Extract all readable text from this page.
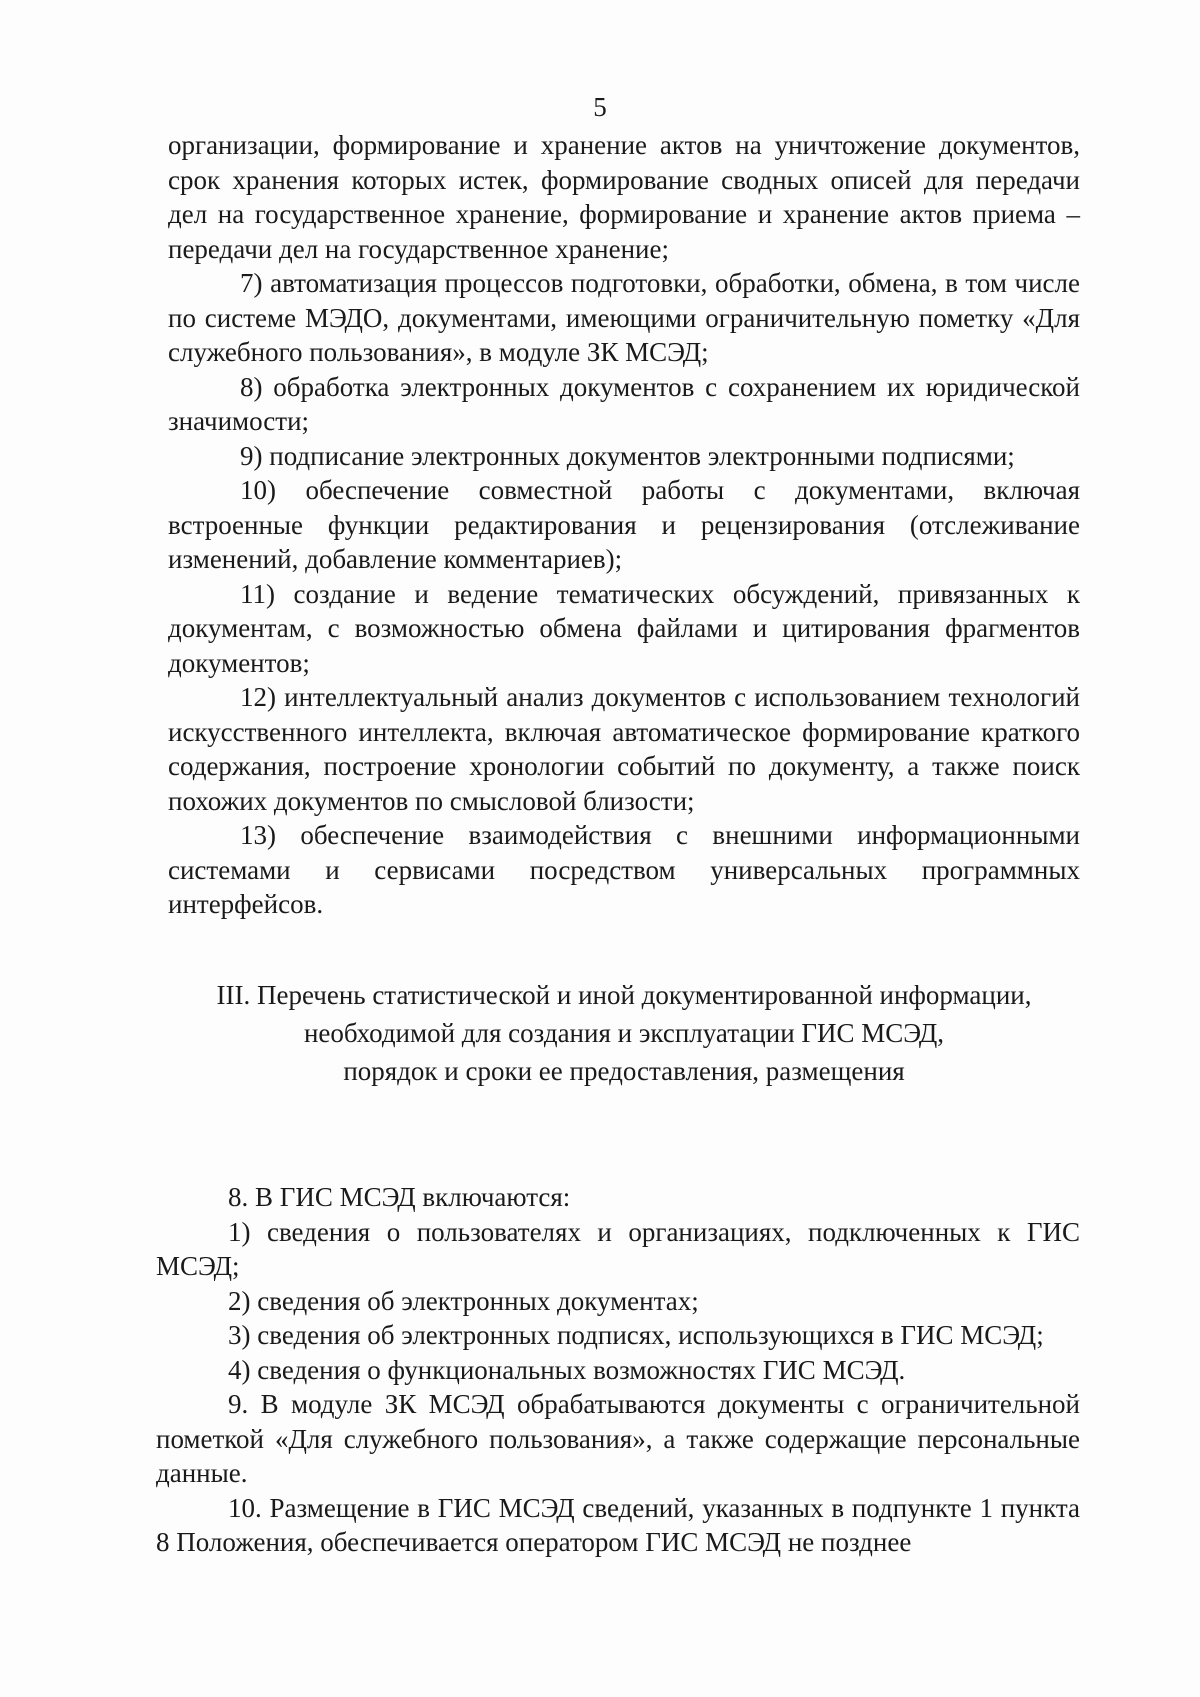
5

организации, формирование и хранение актов на уничтожение документов, срок хранения которых истек, формирование сводных описей для передачи дел на государственное хранение, формирование и хранение актов приема – передачи дел на государственное хранение;

7) автоматизация процессов подготовки, обработки, обмена, в том числе по системе МЭДО, документами, имеющими ограничительную пометку «Для служебного пользования», в модуле ЗК МСЭД;

8) обработка электронных документов с сохранением их юридической значимости;

9) подписание электронных документов электронными подписями;

10) обеспечение совместной работы с документами, включая встроенные функции редактирования и рецензирования (отслеживание изменений, добавление комментариев);

11) создание и ведение тематических обсуждений, привязанных к документам, с возможностью обмена файлами и цитирования фрагментов документов;

12) интеллектуальный анализ документов с использованием технологий искусственного интеллекта, включая автоматическое формирование краткого содержания, построение хронологии событий по документу, а также поиск похожих документов по смысловой близости;

13) обеспечение взаимодействия с внешними информационными системами и сервисами посредством универсальных программных интерфейсов.

III. Перечень статистической и иной документированной информации,
необходимой для создания и эксплуатации ГИС МСЭД,
порядок и сроки ее предоставления, размещения

8. В ГИС МСЭД включаются:

1) сведения о пользователях и организациях, подключенных к ГИС МСЭД;

2) сведения об электронных документах;

3) сведения об электронных подписях, использующихся в ГИС МСЭД;

4) сведения о функциональных возможностях ГИС МСЭД.

9. В модуле ЗК МСЭД обрабатываются документы с ограничительной пометкой «Для служебного пользования», а также содержащие персональные данные.

10. Размещение в ГИС МСЭД сведений, указанных в подпункте 1 пункта 8 Положения, обеспечивается оператором ГИС МСЭД не позднее
